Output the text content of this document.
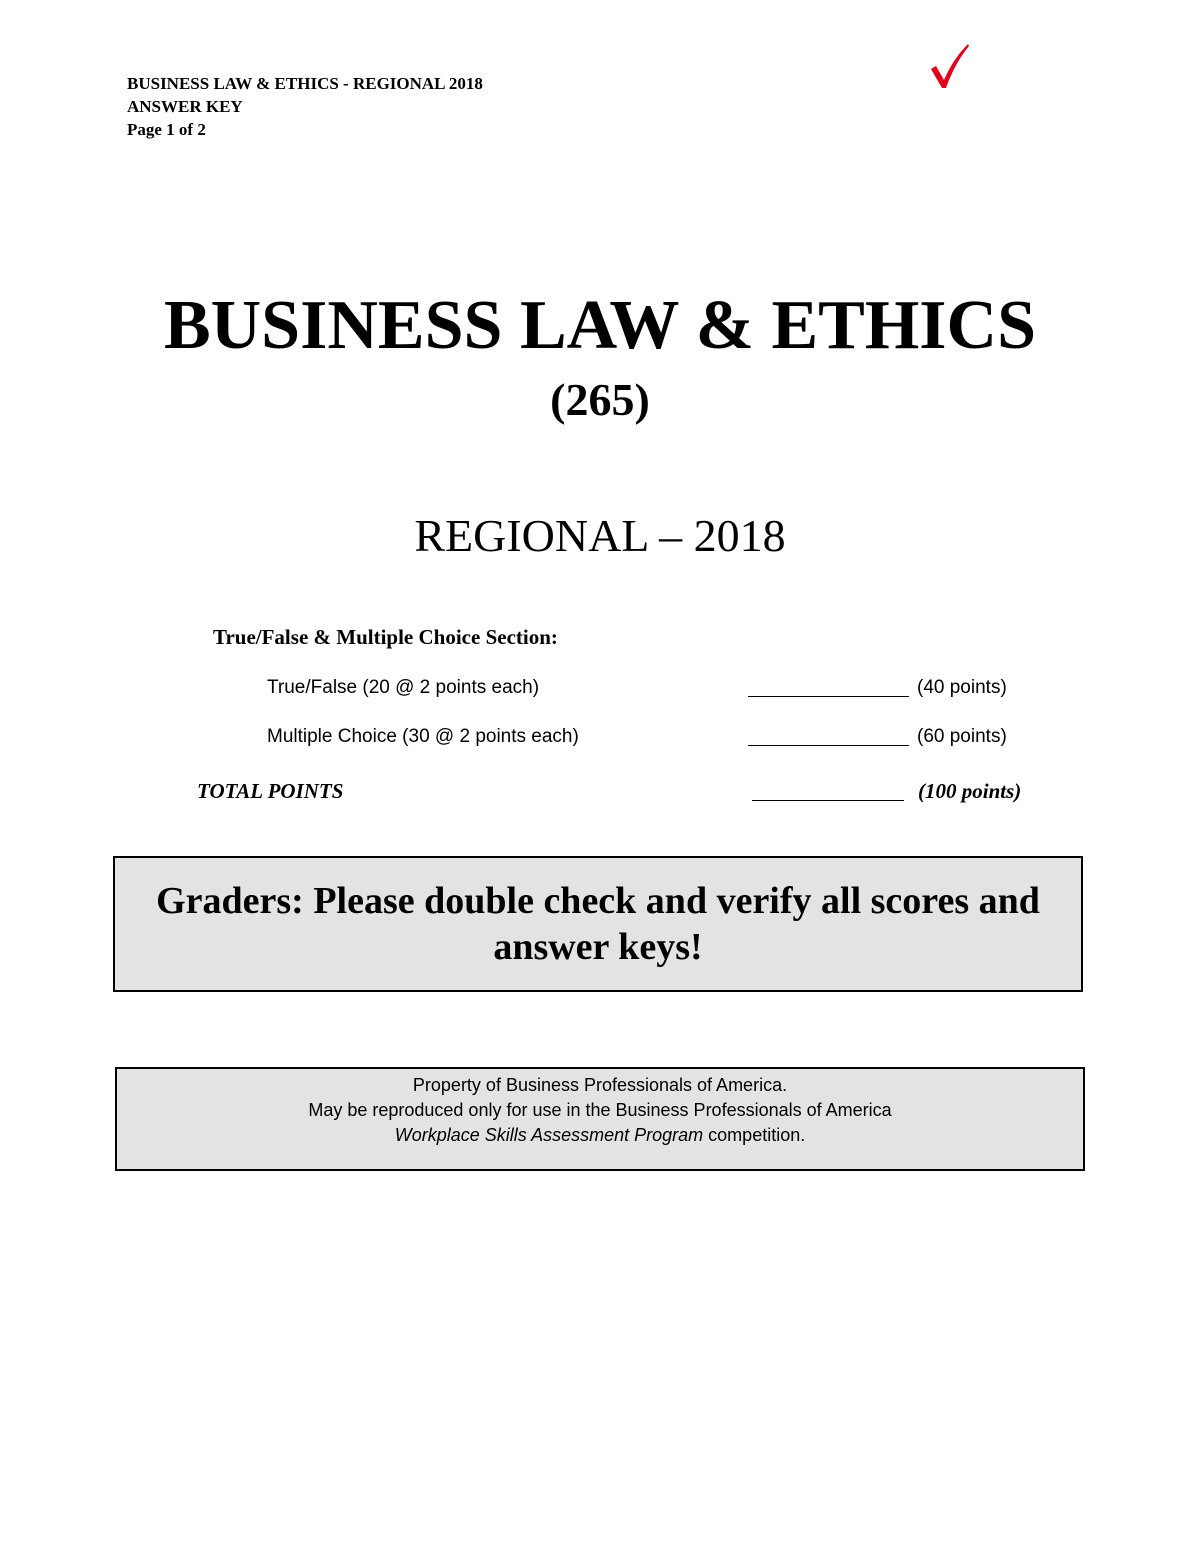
BUSINESS LAW & ETHICS - REGIONAL 2018
ANSWER KEY
Page 1 of 2
BUSINESS LAW & ETHICS
(265)
REGIONAL – 2018
True/False & Multiple Choice Section:
True/False (20 @ 2 points each)	(40 points)
Multiple Choice (30 @ 2 points each)	(60 points)
TOTAL POINTS	(100 points)
Graders: Please double check and verify all scores and
answer keys!
Property of Business Professionals of America.
May be reproduced only for use in the Business Professionals of America
Workplace Skills Assessment Program competition.
